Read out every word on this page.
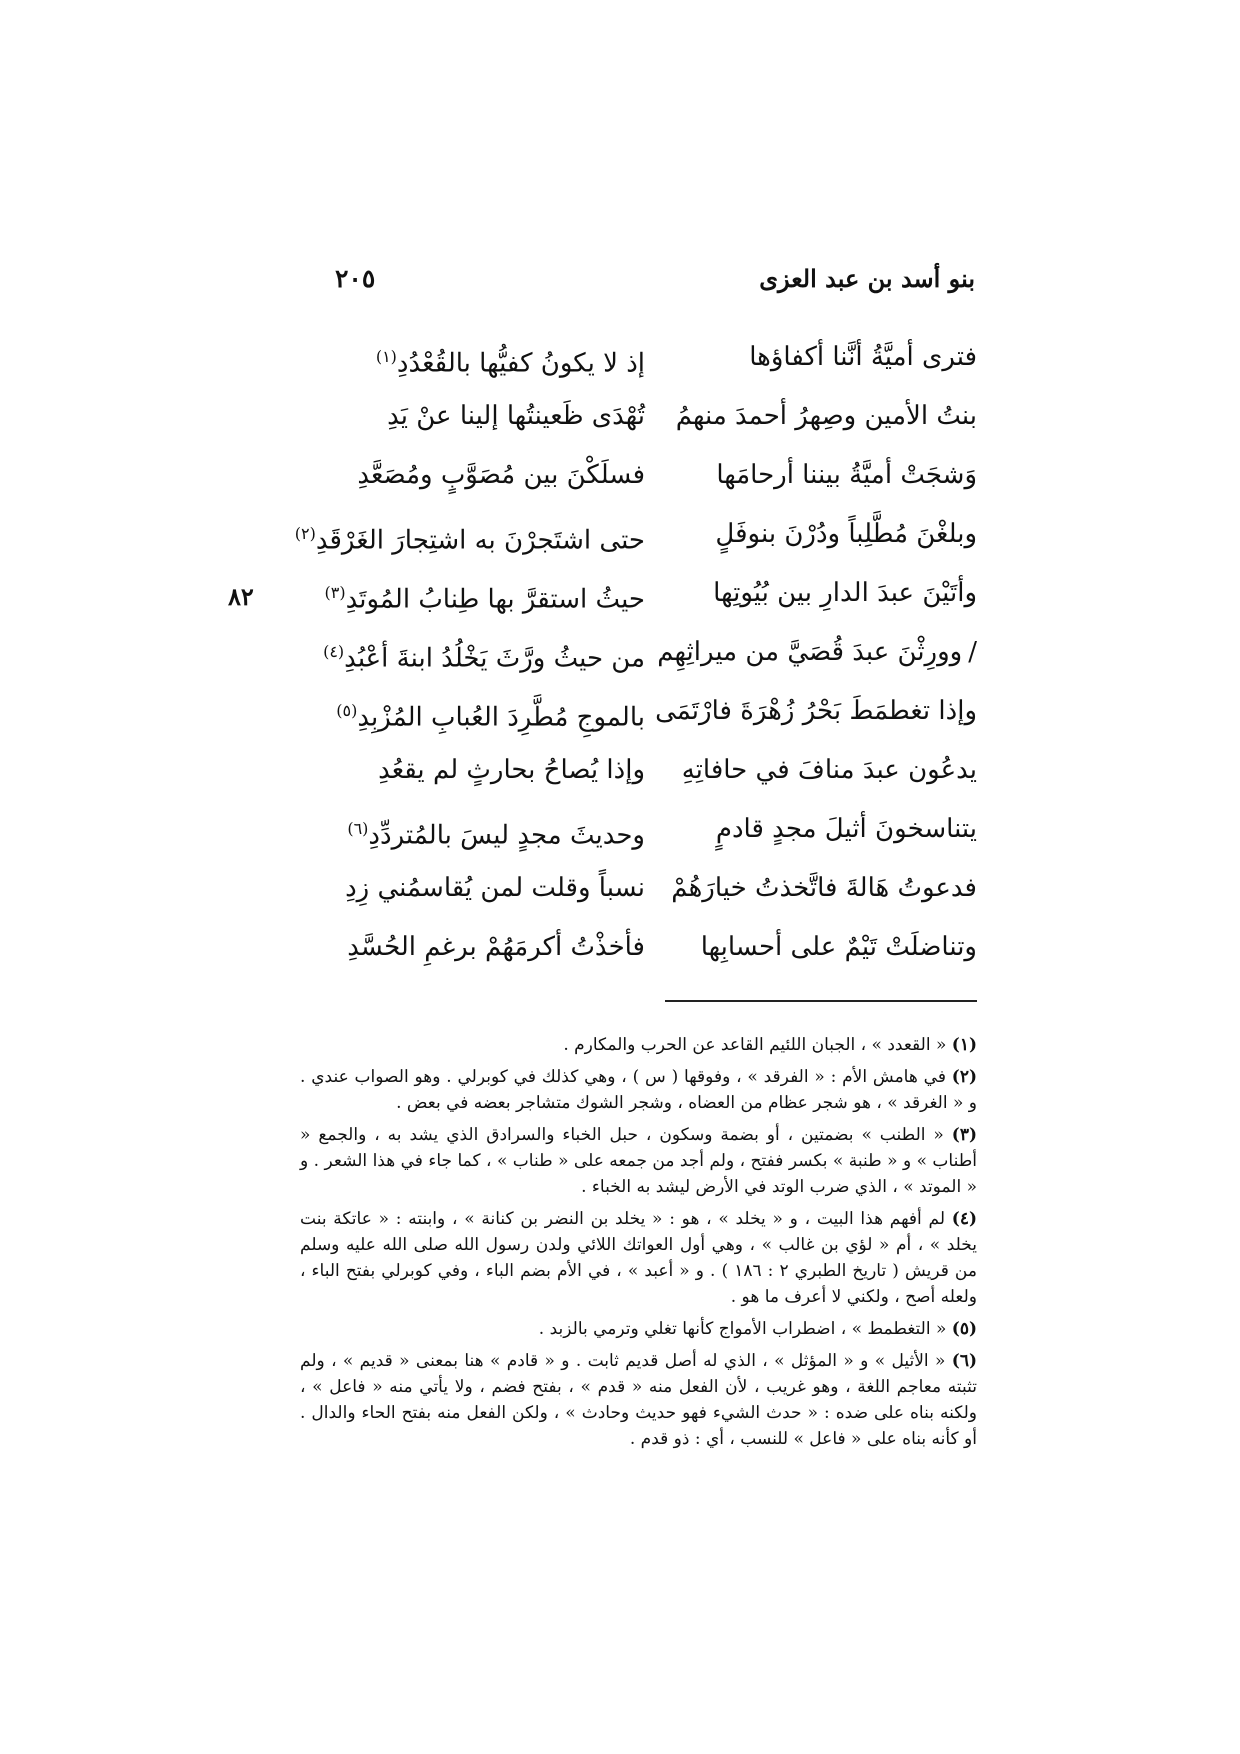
بنو أسد بن عبد العزى
٢٠٥
٨٢
فترى أميَّةُ أنَّنا أكفاؤها
إذ لا يكونُ كفيُّها بالقُعْدُدِ$^{(١)}$
بنتُ الأمين وصِهرُ أحمدَ منهمُ
تُهْدَى ظَعينتُها إلينا عنْ يَدِ
وَشجَتْ أميَّةُ بيننا أرحامَها
فسلَكْنَ بين مُصَوَّبٍ ومُصَعَّدِ
وبلغْنَ مُطَّلِباً ودُرْنَ بنوفَلٍ
حتى اشتَجرْنَ به اشتِجارَ الغَرْقَدِ$^{(٢)}$
وأتَيْنَ عبدَ الدارِ بين بُيُوتِها
حيثُ استقرَّ بها طِنابُ المُوتَدِ$^{(٣)}$
/وورِثْنَ عبدَ قُصَيَّ من ميراثِهِم
من حيثُ ورَّثَ يَخْلُدُ ابنةَ أعْبُدِ$^{(٤)}$
وإذا تغطمَطَ بَحْرُ زُهْرَةَ فارْتَمَى
بالموجِ مُطَّرِدَ العُبابِ المُزْبِدِ$^{(٥)}$
يدعُون عبدَ منافَ في حافاتِهِ
وإذا يُصاحُ بحارثٍ لم يقعُدِ
يتناسخونَ أثيلَ مجدٍ قادمٍ
وحديثَ مجدٍ ليسَ بالمُتردِّدِ$^{(٦)}$
فدعوتُ هَالةَ فاتَّخذتُ خيارَهُمْ
نسباً وقلت لمن يُقاسمُني زِدِ
وتناضلَتْ تَيْمٌ على أحسابِها
فأخذْتُ أكرمَهُمْ برغمِ الحُسَّدِ
(١) « القعدد » ، الجبان اللئيم القاعد عن الحرب والمكارم .
(٢) في هامش الأم : « الفرقد » ، وفوقها ( س ) ، وهي كذلك في كوبرلي . وهو الصواب عندي . و « الغرقد » ، هو شجر عظام من العضاه ، وشجر الشوك متشاجر بعضه في بعض .
(٣) « الطنب » بضمتين ، أو بضمة وسكون ، حبل الخباء والسرادق الذي يشد به ، والجمع « أطناب » و « طنبة » بكسر ففتح ، ولم أجد من جمعه على « طناب » ، كما جاء في هذا الشعر . و « الموتد » ، الذي ضرب الوتد في الأرض ليشد به الخباء .
(٤) لم أفهم هذا البيت ، و « يخلد » ، هو : « يخلد بن النضر بن كنانة » ، وابنته : « عاتكة بنت يخلد » ، أم « لؤي بن غالب » ، وهي أول العواتك اللائي ولدن رسول الله صلى الله عليه وسلم من قريش ( تاريخ الطبري ٢ : ١٨٦ ) . و « أعبد » ، في الأم بضم الباء ، وفي كوبرلي بفتح الباء ، ولعله أصح ، ولكني لا أعرف ما هو .
(٥) « التغطمط » ، اضطراب الأمواج كأنها تغلي وترمي بالزبد .
(٦) « الأثيل » و « المؤثل » ، الذي له أصل قديم ثابت . و « قادم » هنا بمعنى « قديم » ، ولم تثبته معاجم اللغة ، وهو غريب ، لأن الفعل منه « قدم » ، بفتح فضم ، ولا يأتي منه « فاعل » ، ولكنه بناه على ضده : « حدث الشيء فهو حديث وحادث » ، ولكن الفعل منه بفتح الحاء والدال . أو كأنه بناه على « فاعل » للنسب ، أي : ذو قدم .
